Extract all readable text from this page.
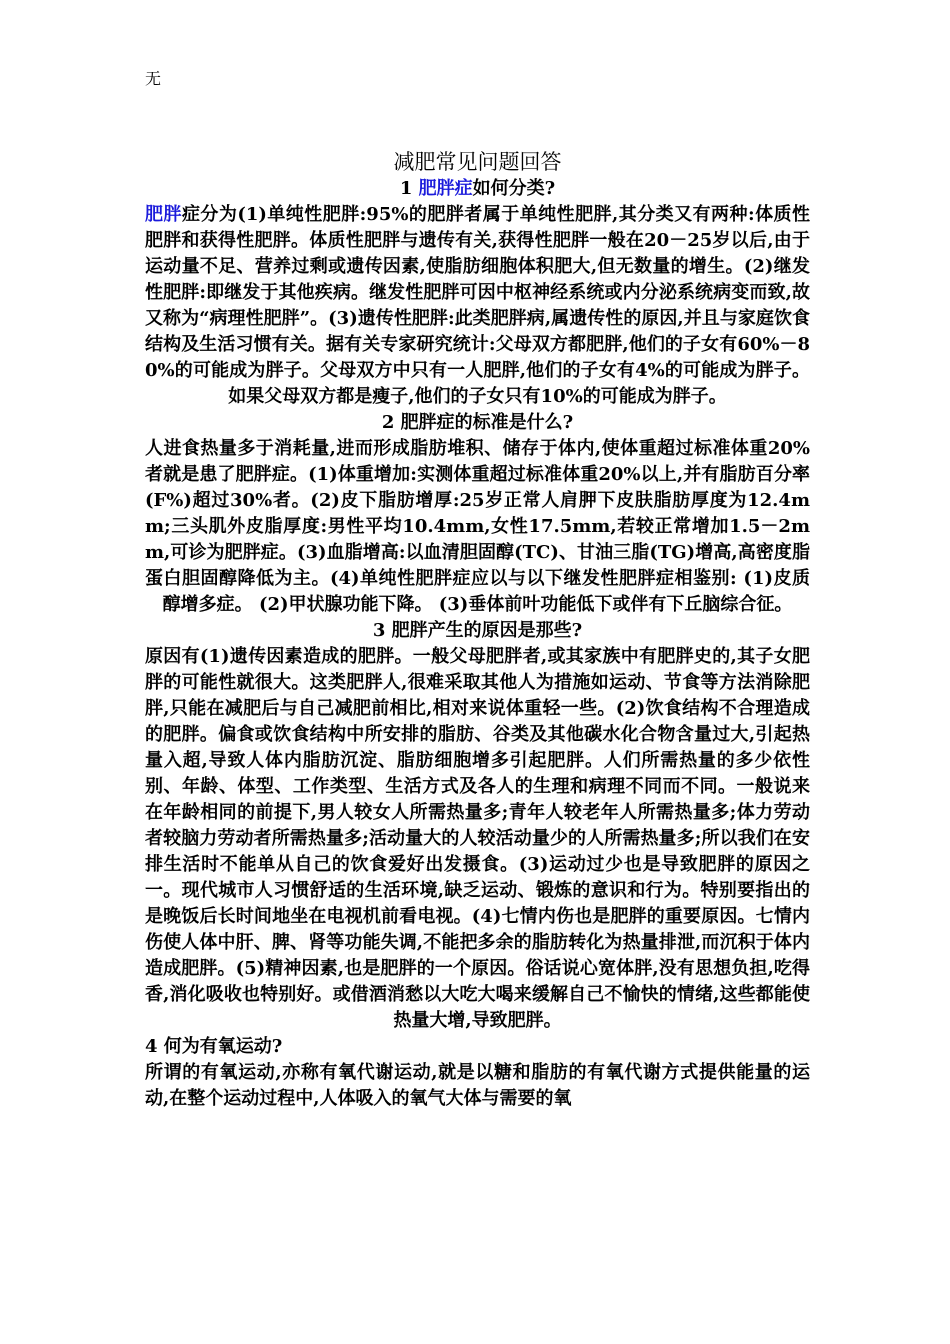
无
减肥常见问题回答
1 肥胖症如何分类?
肥胖症分为(1)单纯性肥胖:95%的肥胖者属于单纯性肥胖,其分类又有两种:体质性肥胖和获得性肥胖。体质性肥胖与遗传有关,获得性肥胖一般在20－25岁以后,由于运动量不足、营养过剩或遗传因素,使脂肪细胞体积肥大,但无数量的增生。(2)继发性肥胖:即继发于其他疾病。继发性肥胖可因中枢神经系统或内分泌系统病变而致,故又称为“病理性肥胖”。(3)遗传性肥胖:此类肥胖病,属遗传性的原因,并且与家庭饮食结构及生活习惯有关。据有关专家研究统计:父母双方都肥胖,他们的子女有60%－80%的可能成为胖子。父母双方中只有一人肥胖,他们的子女有4%的可能成为胖子。如果父母双方都是瘦子,他们的子女只有10%的可能成为胖子。
2 肥胖症的标准是什么?
人进食热量多于消耗量,进而形成脂肪堆积、储存于体内,使体重超过标准体重20%者就是患了肥胖症。(1)体重增加:实测体重超过标准体重20%以上,并有脂肪百分率(F%)超过30%者。(2)皮下脂肪增厚:25岁正常人肩胛下皮肤脂肪厚度为12.4mm;三头肌外皮脂厚度:男性平均10.4mm,女性17.5mm,若较正常增加1.5－2mm,可诊为肥胖症。(3)血脂增高:以血清胆固醇(TC)、甘油三脂(TG)增高,高密度脂蛋白胆固醇降低为主。(4)单纯性肥胖症应以与以下继发性肥胖症相鉴别: (1)皮质醇增多症。 (2)甲状腺功能下降。 (3)垂体前叶功能低下或伴有下丘脑综合征。
3 肥胖产生的原因是那些?
原因有(1)遗传因素造成的肥胖。一般父母肥胖者,或其家族中有肥胖史的,其子女肥胖的可能性就很大。这类肥胖人,很难采取其他人为措施如运动、节食等方法消除肥胖,只能在减肥后与自己减肥前相比,相对来说体重轻一些。(2)饮食结构不合理造成的肥胖。偏食或饮食结构中所安排的脂肪、谷类及其他碳水化合物含量过大,引起热量入超,导致人体内脂肪沉淀、脂肪细胞增多引起肥胖。人们所需热量的多少依性别、年龄、体型、工作类型、生活方式及各人的生理和病理不同而不同。一般说来在年龄相同的前提下,男人较女人所需热量多;青年人较老年人所需热量多;体力劳动者较脑力劳动者所需热量多;活动量大的人较活动量少的人所需热量多;所以我们在安排生活时不能单从自己的饮食爱好出发摄食。(3)运动过少也是导致肥胖的原因之一。现代城市人习惯舒适的生活环境,缺乏运动、锻炼的意识和行为。特别要指出的是晚饭后长时间地坐在电视机前看电视。(4)七情内伤也是肥胖的重要原因。七情内伤使人体中肝、脾、肾等功能失调,不能把多余的脂肪转化为热量排泄,而沉积于体内造成肥胖。(5)精神因素,也是肥胖的一个原因。俗话说心宽体胖,没有思想负担,吃得香,消化吸收也特别好。或借酒消愁以大吃大喝来缓解自己不愉快的情绪,这些都能使热量大增,导致肥胖。
4 何为有氧运动?
所谓的有氧运动,亦称有氧代谢运动,就是以糖和脂肪的有氧代谢方式提供能量的运动,在整个运动过程中,人体吸入的氧气大体与需要的氧
